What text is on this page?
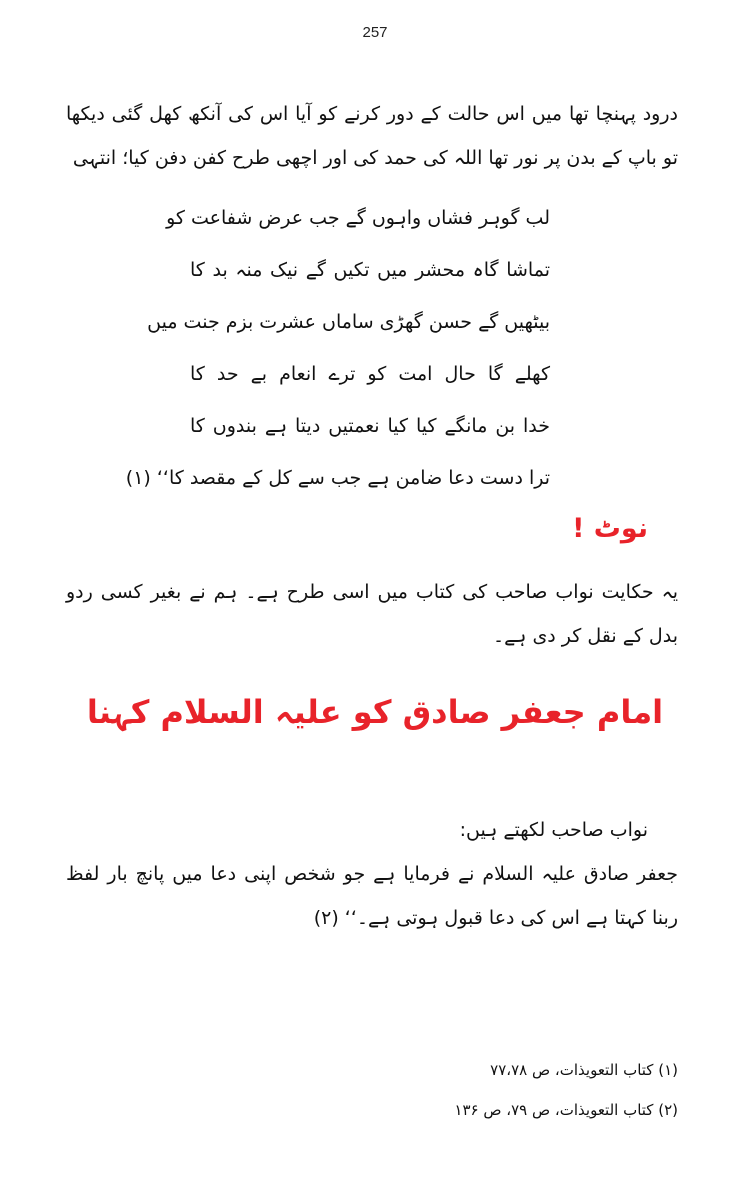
257
درود پہنچا تھا میں اس حالت کے دور کرنے کو آیا اس کی آنکھ کھل گئی دیکھا تو باپ کے بدن پر نور تھا اللہ کی حمد کی اور اچھی طرح کفن دفن کیا؛ انتہی
لب گوہر فشاں واہوں گے جب عرض شفاعت کو
تماشا گاہ محشر میں تکیں گے نیک منہ بد کا
بیٹھیں گے حسن گھڑی ساماں عشرت بزم جنت میں
کھلے گا حال امت کو ترے انعام بے حد کا
خدا بن مانگے کیا کیا نعمتیں دیتا ہے بندوں کا
ترا دست دعا ضامن ہے جب سے کل کے مقصد کا‘‘ (۱)
نوٹ !
یہ حکایت نواب صاحب کی کتاب میں اسی طرح ہے۔ ہم نے بغیر کسی ردو بدل کے نقل کر دی ہے۔
امام جعفر صادق کو علیہ السلام کہنا
نواب صاحب لکھتے ہیں:
جعفر صادق علیہ السلام نے فرمایا ہے جو شخص اپنی دعا میں پانچ بار لفظ ربنا کہتا ہے اس کی دعا قبول ہوتی ہے۔‘‘ (۲)
(۱) کتاب التعویذات، ص ۷۷،۷۸
(۲) کتاب التعویذات، ص ۷۹، ص ۱۳۶
